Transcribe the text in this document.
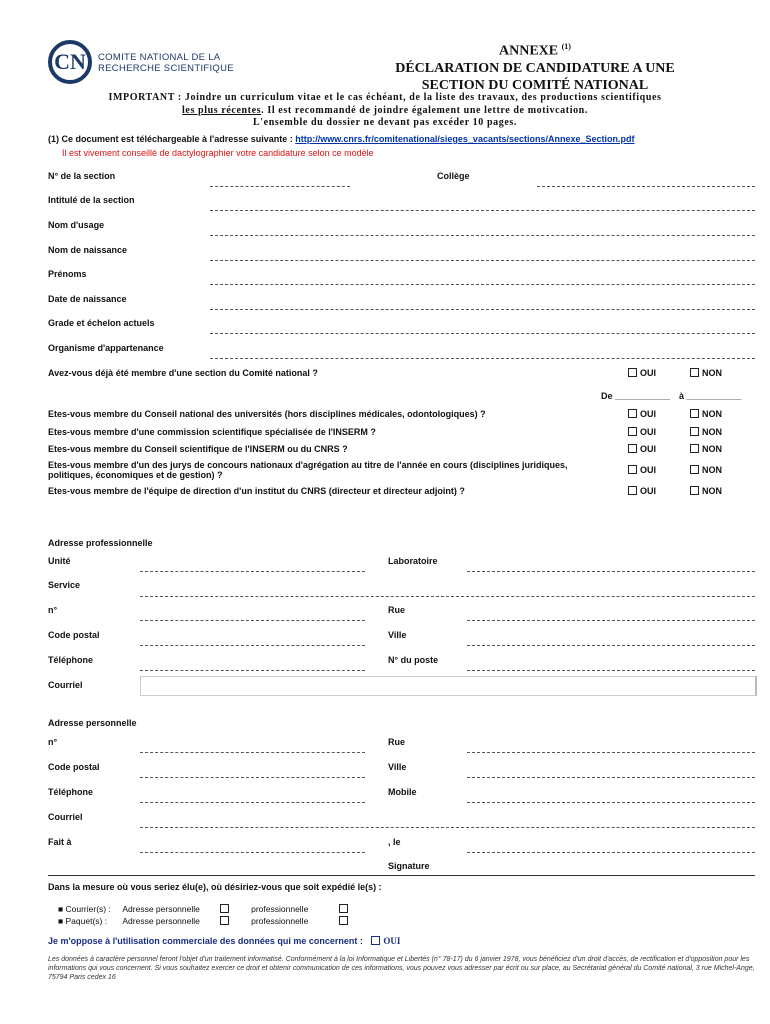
CN COMITE NATIONAL DE LA
RECHERCHE SCIENTIFIQUE
ANNEXE $^{(1)}$
DÉCLARATION DE CANDIDATURE A UNE
SECTION DU COMITÉ NATIONAL
IMPORTANT : Joindre un curriculum vitae et le cas échéant, de la liste des travaux, des productions scientifiques
les plus récentes. Il est recommandé de joindre également une lettre de motivcation.
L'ensemble du dossier ne devant pas excéder 10 pages.
(1) Ce document est téléchargeable à l'adresse suivante : http://www.cnrs.fr/comitenational/sieges_vacants/sections/Annexe_Section.pdf
Il est vivement conseillé de dactylographier votre candidature selon ce modèle
N° de la section	Collège
Intitulé de la section
Nom d'usage
Nom de naissance
Prénoms
Date de naissance
Grade et échelon actuels
Organisme d'appartenance
Avez-vous déjà été membre d'une section du Comité national ?	OUI	NON
De ___________ à ___________
Etes-vous membre du Conseil national des universités (hors disciplines médicales, odontologiques) ?	OUI	NON
Etes-vous membre d'une commission scientifique spécialisée de l'INSERM ?	OUI	NON
Etes-vous membre du Conseil scientifique de l'INSERM ou du CNRS ?	OUI	NON
Etes-vous membre d'un des jurys de concours nationaux d'agrégation au titre de l'année en cours (disciplines juridiques,
politiques, économiques et de gestion) ?	OUI	NON
Etes-vous membre de l'équipe de direction d'un institut du CNRS (directeur et directeur adjoint) ?	OUI	NON
Adresse professionnelle
Unité	Laboratoire
Service
n°	Rue
Code postal	Ville
Téléphone	N° du poste
Courriel
Adresse personnelle
n°	Rue
Code postal	Ville
Téléphone	Mobile
Courriel
Fait à	, le
Signature
Dans la mesure où vous seriez élu(e), où désiriez-vous que soit expédié le(s) :
■ Courrier(s) : Adresse personnelle	professionnelle
■ Paquet(s) : Adresse personnelle	professionnelle
Je m'oppose à l'utilisation commerciale des données qui me concernent : OUI
Les données à caractère personnel feront l'objet d'un traitement informatisé. Conformément à la loi Informatique et Libertés (n° 78-17) du 6 janvier 1978, vous bénéficiez d'un droit d'accès, de rectification et d'opposition pour les informations qui vous concernent. Si vous souhaitez exercer ce droit et obtenir communication de ces informations, vous pouvez vous adresser par écrit ou sur place, au Secrétariat général du Comité national, 3 rue Michel-Ange, 75794 Paris cedex 16
